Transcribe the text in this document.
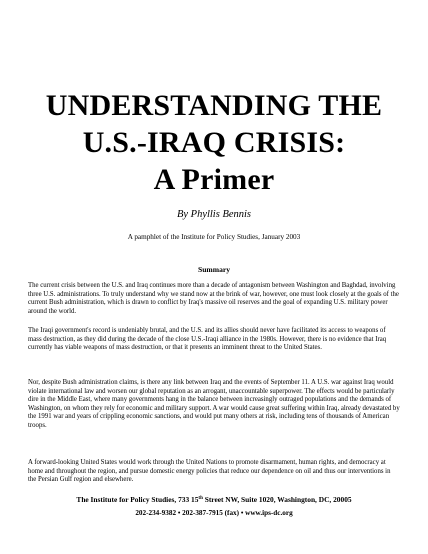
UNDERSTANDING THE
U.S.-IRAQ CRISIS:
A Primer
By Phyllis Bennis
A pamphlet of the Institute for Policy Studies, January 2003
Summary

The current crisis between the U.S. and Iraq continues more than a decade of antagonism between Washington and Baghdad, involving three U.S. administrations. To truly understand why we stand now at the brink of war, however, one must look closely at the goals of the current Bush administration, which is drawn to conflict by Iraq's massive oil reserves and the goal of expanding U.S. military power around the world.

The Iraqi government's record is undeniably brutal, and the U.S. and its allies should never have facilitated its access to weapons of mass destruction, as they did during the decade of the close U.S.-Iraqi alliance in the 1980s. However, there is no evidence that Iraq currently has viable weapons of mass destruction, or that it presents an imminent threat to the United States.

Nor, despite Bush administration claims, is there any link between Iraq and the events of September 11. A U.S. war against Iraq would violate international law and worsen our global reputation as an arrogant, unaccountable superpower. The effects would be particularly dire in the Middle East, where many governments hang in the balance between increasingly outraged populations and the demands of Washington, on whom they rely for economic and military support. A war would cause great suffering within Iraq, already devastated by the 1991 war and years of crippling economic sanctions, and would put many others at risk, including tens of thousands of American troops.

A forward-looking United States would work through the United Nations to promote disarmament, human rights, and democracy at home and throughout the region, and pursue domestic energy policies that reduce our dependence on oil and thus our interventions in the Persian Gulf region and elsewhere.

The Institute for Policy Studies, 733 15th Street NW, Suite 1020, Washington, DC, 20005
202-234-9382 • 202-387-7915 (fax) • www.ips-dc.org
